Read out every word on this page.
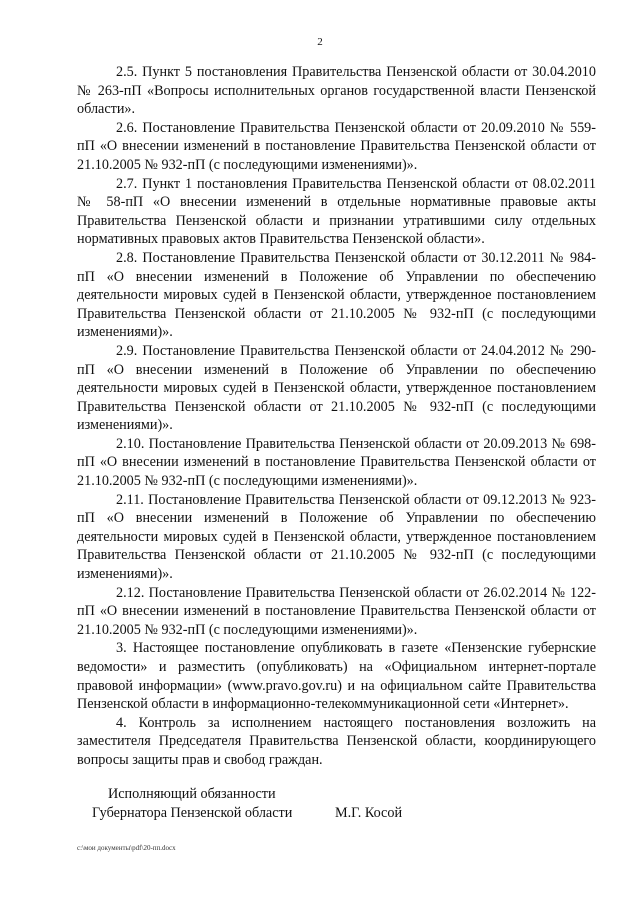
2

2.5. Пункт 5 постановления Правительства Пензенской области от 30.04.2010 № 263-пП «Вопросы исполнительных органов государственной власти Пензенской области».

2.6. Постановление Правительства Пензенской области от 20.09.2010 № 559-пП «О внесении изменений в постановление Правительства Пензенской области от 21.10.2005 № 932-пП (с последующими изменениями)».

2.7. Пункт 1 постановления Правительства Пензенской области от 08.02.2011 № 58-пП «О внесении изменений в отдельные нормативные правовые акты Правительства Пензенской области и признании утратившими силу отдельных нормативных правовых актов Правительства Пензенской области».

2.8. Постановление Правительства Пензенской области от 30.12.2011 № 984-пП «О внесении изменений в Положение об Управлении по обеспечению деятельности мировых судей в Пензенской области, утвержденное постановлением Правительства Пензенской области от 21.10.2005 № 932-пП (с последующими изменениями)».

2.9. Постановление Правительства Пензенской области от 24.04.2012 № 290-пП «О внесении изменений в Положение об Управлении по обеспечению деятельности мировых судей в Пензенской области, утвержденное постановлением Правительства Пензенской области от 21.10.2005 № 932-пП (с последующими изменениями)».

2.10. Постановление Правительства Пензенской области от 20.09.2013 № 698-пП «О внесении изменений в постановление Правительства Пензенской области от 21.10.2005 № 932-пП (с последующими изменениями)».

2.11. Постановление Правительства Пензенской области от 09.12.2013 № 923-пП «О внесении изменений в Положение об Управлении по обеспечению деятельности мировых судей в Пензенской области, утвержденное постановлением Правительства Пензенской области от 21.10.2005 № 932-пП (с последующими изменениями)».

2.12. Постановление Правительства Пензенской области от 26.02.2014 № 122-пП «О внесении изменений в постановление Правительства Пензенской области от 21.10.2005 № 932-пП (с последующими изменениями)».

3. Настоящее постановление опубликовать в газете «Пензенские губернские ведомости» и разместить (опубликовать) на «Официальном интернет-портале правовой информации» (www.pravo.gov.ru) и на официальном сайте Правительства Пензенской области в информационно-телекоммуникационной сети «Интернет».

4. Контроль за исполнением настоящего постановления возложить на заместителя Председателя Правительства Пензенской области, координирующего вопросы защиты прав и свобод граждан.

Исполняющий обязанности
Губернатора Пензенской области	М.Г. Косой
c:\мои документы\pdf\20-пп.docx
